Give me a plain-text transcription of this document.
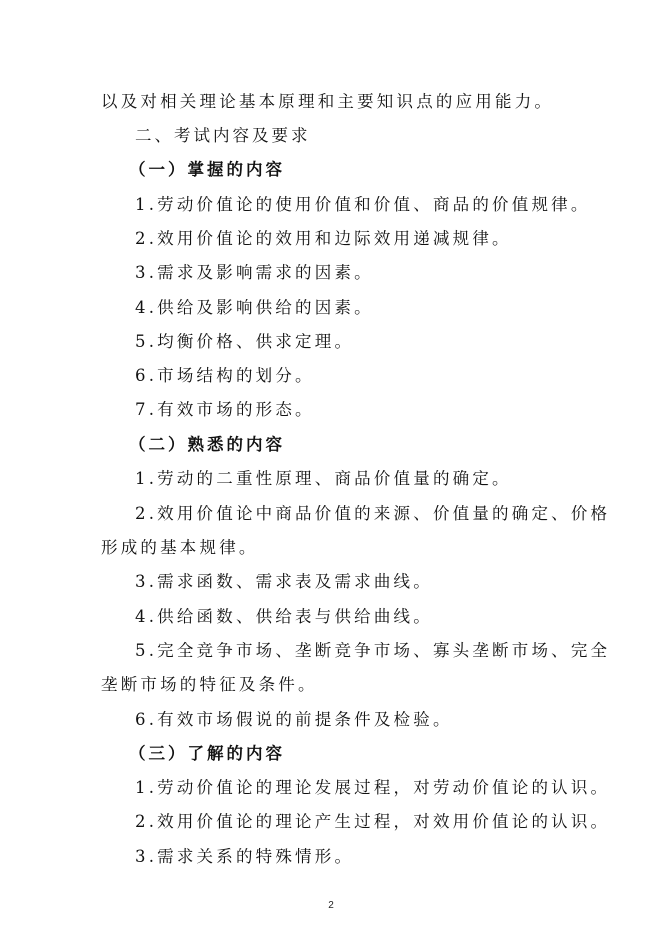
以及对相关理论基本原理和主要知识点的应用能力。
二、考试内容及要求
（一）掌握的内容
1.劳动价值论的使用价值和价值、商品的价值规律。
2.效用价值论的效用和边际效用递减规律。
3.需求及影响需求的因素。
4.供给及影响供给的因素。
5.均衡价格、供求定理。
6.市场结构的划分。
7.有效市场的形态。
（二）熟悉的内容
1.劳动的二重性原理、商品价值量的确定。
2.效用价值论中商品价值的来源、价值量的确定、价格
形成的基本规律。
3.需求函数、需求表及需求曲线。
4.供给函数、供给表与供给曲线。
5.完全竞争市场、垄断竞争市场、寡头垄断市场、完全
垄断市场的特征及条件。
6.有效市场假说的前提条件及检验。
（三）了解的内容
1.劳动价值论的理论发展过程，对劳动价值论的认识。
2.效用价值论的理论产生过程，对效用价值论的认识。
3.需求关系的特殊情形。
2
